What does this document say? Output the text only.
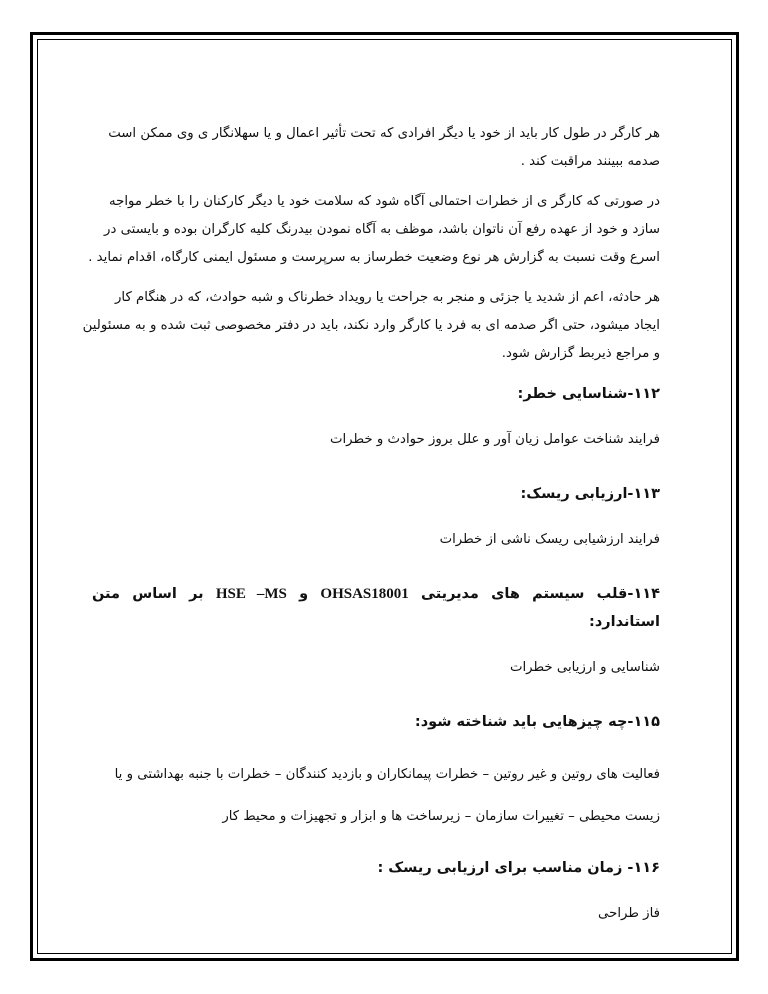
هر کارگر در طول کار باید از خود یا دیگر افرادی که تحت تأثیر اعمال و یا سهلانگار ی وی ممکن است
صدمه ببینند مراقبت کند .

در صورتی که کارگر ی از خطرات احتمالی آگاه شود که سلامت خود یا دیگر کارکنان را با خطر مواجه
سازد و خود از عهده رفع آن ناتوان باشد، موظف به آگاه نمودن بیدرنگ کلیه کارگران بوده و بایستی در
اسرع وقت نسبت به گزارش هر نوع وضعیت خطرساز به سرپرست و مسئول ایمنی کارگاه، اقدام نماید .

هر حادثه، اعم از شدید یا جزئی و منجر به جراحت یا رویداد خطرناک و شبه حوادث، که در هنگام کار
ایجاد میشود، حتی اگر صدمه ای به فرد یا کارگر وارد نکند، باید در دفتر مخصوصی ثبت شده و به مسئولین
و مراجع ذیربط گزارش شود.

۱۱۲-شناسایی خطر:
فرایند شناخت عوامل زیان آور و علل بروز حوادث و خطرات
۱۱۳-ارزیابی ریسک:
فرایند ارزشیابی ریسک ناشی از خطرات
۱۱۴-قلب سیستم های مدیریتی OHSAS18001 و HSE –MS بر اساس متن استاندارد:
شناسایی و ارزیابی خطرات
۱۱۵-چه چیزهایی باید شناخته شود:
فعالیت های روتین و غیر روتین – خطرات پیمانکاران و بازدید کنندگان – خطرات با جنبه بهداشتی و یا
زیست محیطی – تغییرات سازمان – زیرساخت ها و ابزار و تجهیزات و محیط کار
۱۱۶- زمان مناسب برای ارزیابی ریسک :
فاز طراحی
